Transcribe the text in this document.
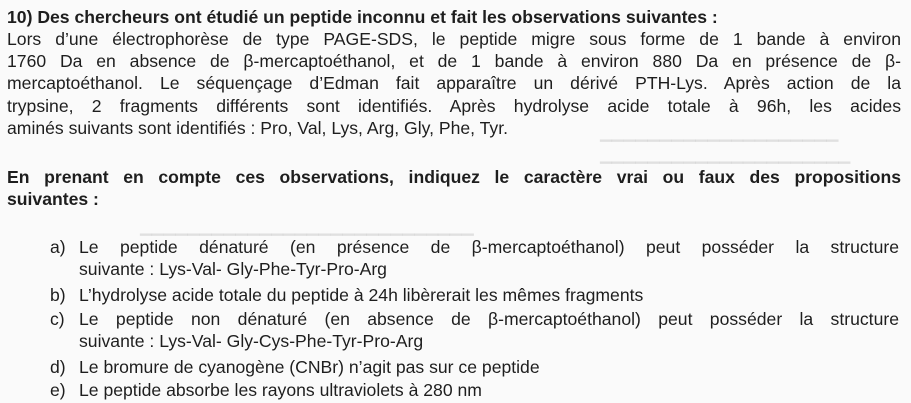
▁▁▁▁▁▁▁▁▁▁▁▁▁▁▁▁▁▁▁▁
▁▁▁▁▁▁▁▁▁▁▁▁▁▁▁▁▁▁▁▁▁
▁▁▁▁▁▁▁▁▁▁▁▁▁▁▁▁▁▁▁▁▁▁▁▁▁▁▁▁
10) Des chercheurs ont étudié un peptide inconnu et fait les observations suivantes :
Lors d’une électrophorèse de type PAGE-SDS, le peptide migre sous forme de 1 bande à environ
1760 Da en absence de β-mercaptoéthanol, et de 1 bande à environ 880 Da en présence de β-
mercaptoéthanol. Le séquençage d’Edman fait apparaître un dérivé PTH-Lys. Après action de la
trypsine, 2 fragments différents sont identifiés. Après hydrolyse acide totale à 96h, les acides
aminés suivants sont identifiés : Pro, Val, Lys, Arg, Gly, Phe, Tyr.
En prenant en compte ces observations, indiquez le caractère vrai ou faux des propositions
suivantes :
a) Le peptide dénaturé (en présence de β-mercaptoéthanol) peut posséder la structure
suivante : Lys-Val- Gly-Phe-Tyr-Pro-Arg
b) L’hydrolyse acide totale du peptide à 24h libèrerait les mêmes fragments
c) Le peptide non dénaturé (en absence de β-mercaptoéthanol) peut posséder la structure
suivante : Lys-Val- Gly-Cys-Phe-Tyr-Pro-Arg
d) Le bromure de cyanogène (CNBr) n’agit pas sur ce peptide
e) Le peptide absorbe les rayons ultraviolets à 280 nm
